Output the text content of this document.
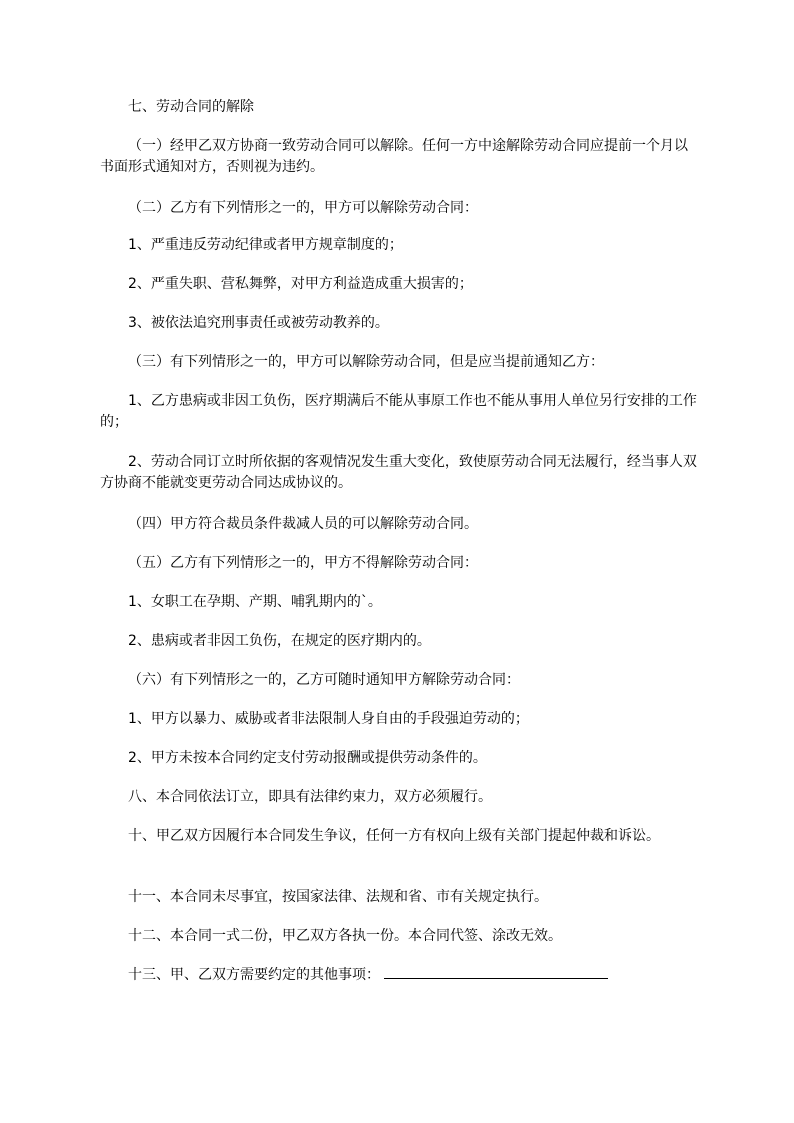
七、劳动合同的解除

（一）经甲乙双方协商一致劳动合同可以解除。任何一方中途解除劳动合同应提前一个月以书面形式通知对方，否则视为违约。

（二）乙方有下列情形之一的，甲方可以解除劳动合同：

1、严重违反劳动纪律或者甲方规章制度的；

2、严重失职、营私舞弊，对甲方利益造成重大损害的；

3、被依法追究刑事责任或被劳动教养的。

（三）有下列情形之一的，甲方可以解除劳动合同，但是应当提前通知乙方：

1、乙方患病或非因工负伤，医疗期满后不能从事原工作也不能从事用人单位另行安排的工作的；

2、劳动合同订立时所依据的客观情况发生重大变化，致使原劳动合同无法履行，经当事人双方协商不能就变更劳动合同达成协议的。

（四）甲方符合裁员条件裁减人员的可以解除劳动合同。

（五）乙方有下列情形之一的，甲方不得解除劳动合同：

1、女职工在孕期、产期、哺乳期内的`。

2、患病或者非因工负伤，在规定的医疗期内的。

（六）有下列情形之一的，乙方可随时通知甲方解除劳动合同：

1、甲方以暴力、威胁或者非法限制人身自由的手段强迫劳动的；

2、甲方未按本合同约定支付劳动报酬或提供劳动条件的。

八、本合同依法订立，即具有法律约束力，双方必须履行。

十、甲乙双方因履行本合同发生争议，任何一方有权向上级有关部门提起仲裁和诉讼。

十一、本合同未尽事宜，按国家法律、法规和省、市有关规定执行。

十二、本合同一式二份，甲乙双方各执一份。本合同代签、涂改无效。

十三、甲、乙双方需要约定的其他事项：
